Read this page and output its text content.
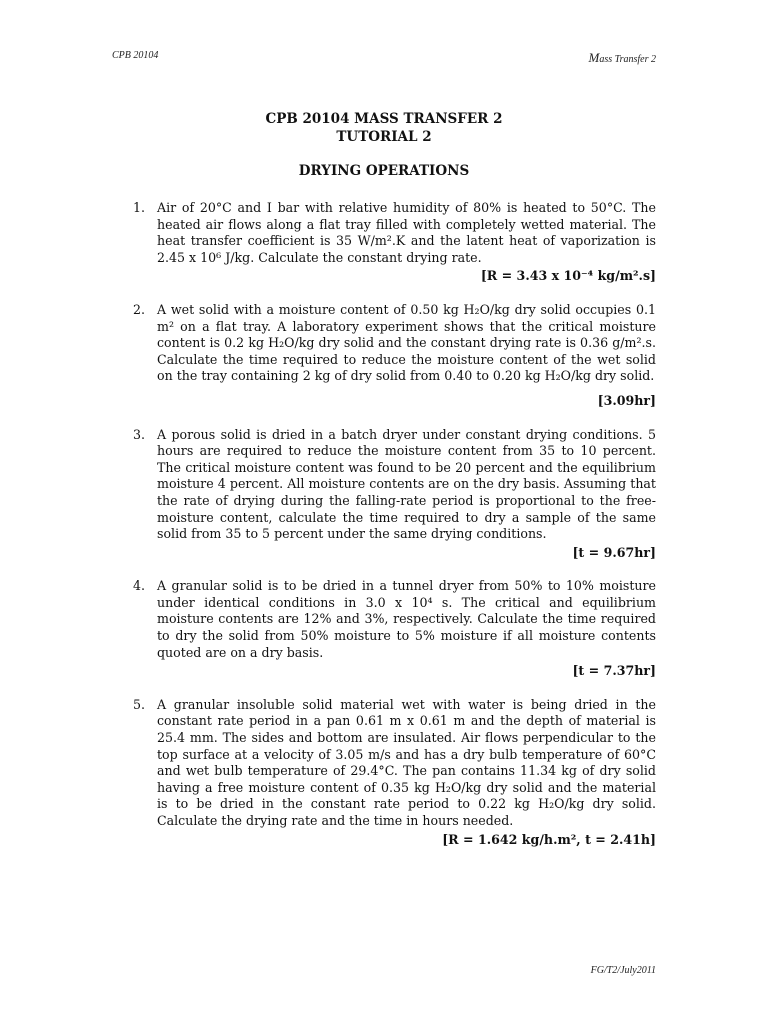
CPB 20104	Mass Transfer 2
CPB 20104 MASS TRANSFER 2
TUTORIAL 2
DRYING OPERATIONS
1. Air of 20°C and I bar with relative humidity of 80% is heated to 50°C. The heated air flows along a flat tray filled with completely wetted material. The heat transfer coefficient is 35 W/m².K and the latent heat of vaporization is 2.45 x 10⁶ J/kg. Calculate the constant drying rate.
[R = 3.43 x 10⁻⁴ kg/m².s]
2. A wet solid with a moisture content of 0.50 kg H₂O/kg dry solid occupies 0.1 m² on a flat tray. A laboratory experiment shows that the critical moisture content is 0.2 kg H₂O/kg dry solid and the constant drying rate is 0.36 g/m².s. Calculate the time required to reduce the moisture content of the wet solid on the tray containing 2 kg of dry solid from 0.40 to 0.20 kg H₂O/kg dry solid.
[3.09hr]
3. A porous solid is dried in a batch dryer under constant drying conditions. 5 hours are required to reduce the moisture content from 35 to 10 percent. The critical moisture content was found to be 20 percent and the equilibrium moisture 4 percent. All moisture contents are on the dry basis. Assuming that the rate of drying during the falling-rate period is proportional to the free-moisture content, calculate the time required to dry a sample of the same solid from 35 to 5 percent under the same drying conditions.
[t = 9.67hr]
4. A granular solid is to be dried in a tunnel dryer from 50% to 10% moisture under identical conditions in 3.0 x 10⁴ s. The critical and equilibrium moisture contents are 12% and 3%, respectively. Calculate the time required to dry the solid from 50% moisture to 5% moisture if all moisture contents quoted are on a dry basis.
[t = 7.37hr]
5. A granular insoluble solid material wet with water is being dried in the constant rate period in a pan 0.61 m x 0.61 m and the depth of material is 25.4 mm. The sides and bottom are insulated. Air flows perpendicular to the top surface at a velocity of 3.05 m/s and has a dry bulb temperature of 60°C and wet bulb temperature of 29.4°C. The pan contains 11.34 kg of dry solid having a free moisture content of 0.35 kg H₂O/kg dry solid and the material is to be dried in the constant rate period to 0.22 kg H₂O/kg dry solid. Calculate the drying rate and the time in hours needed.
[R = 1.642 kg/h.m², t = 2.41h]
FG/T2/July2011
